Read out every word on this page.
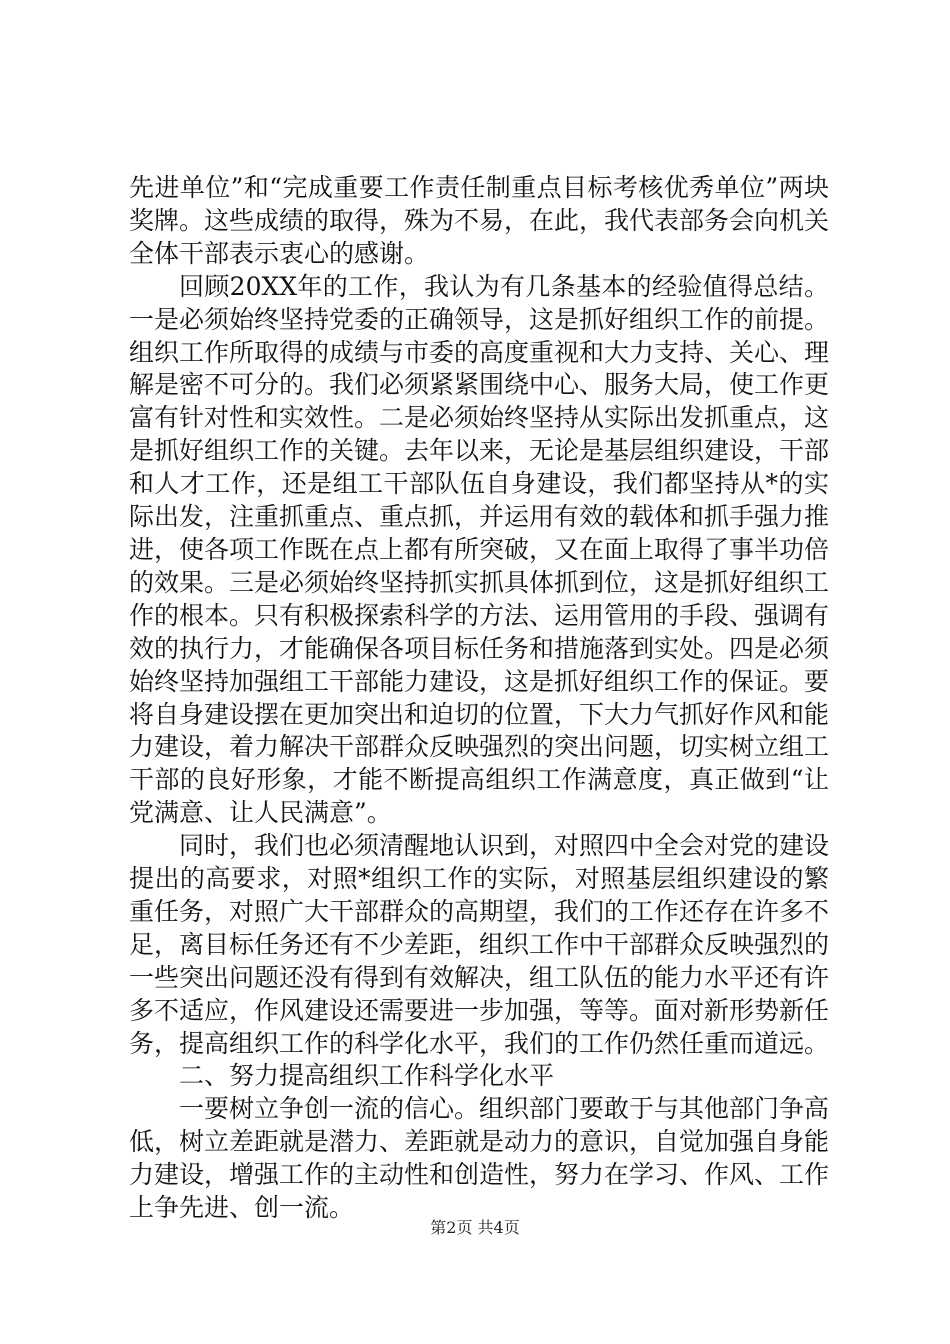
先进单位”和“完成重要工作责任制重点目标考核优秀单位”两块奖牌。这些成绩的取得，殊为不易，在此，我代表部务会向机关全体干部表示衷心的感谢。

回顾20XX年的工作，我认为有几条基本的经验值得总结。一是必须始终坚持党委的正确领导，这是抓好组织工作的前提。组织工作所取得的成绩与市委的高度重视和大力支持、关心、理解是密不可分的。我们必须紧紧围绕中心、服务大局，使工作更富有针对性和实效性。二是必须始终坚持从实际出发抓重点，这是抓好组织工作的关键。去年以来，无论是基层组织建设，干部和人才工作，还是组工干部队伍自身建设，我们都坚持从*的实际出发，注重抓重点、重点抓，并运用有效的载体和抓手强力推进，使各项工作既在点上都有所突破，又在面上取得了事半功倍的效果。三是必须始终坚持抓实抓具体抓到位，这是抓好组织工作的根本。只有积极探索科学的方法、运用管用的手段、强调有效的执行力，才能确保各项目标任务和措施落到实处。四是必须始终坚持加强组工干部能力建设，这是抓好组织工作的保证。要将自身建设摆在更加突出和迫切的位置，下大力气抓好作风和能力建设，着力解决干部群众反映强烈的突出问题，切实树立组工干部的良好形象，才能不断提高组织工作满意度，真正做到“让党满意、让人民满意”。

同时，我们也必须清醒地认识到，对照四中全会对党的建设提出的高要求，对照*组织工作的实际，对照基层组织建设的繁重任务，对照广大干部群众的高期望，我们的工作还存在许多不足，离目标任务还有不少差距，组织工作中干部群众反映强烈的一些突出问题还没有得到有效解决，组工队伍的能力水平还有许多不适应，作风建设还需要进一步加强，等等。面对新形势新任务，提高组织工作的科学化水平，我们的工作仍然任重而道远。

二、努力提高组织工作科学化水平

一要树立争创一流的信心。组织部门要敢于与其他部门争高低，树立差距就是潜力、差距就是动力的意识，自觉加强自身能力建设，增强工作的主动性和创造性，努力在学习、作风、工作上争先进、创一流。

第2页 共4页
